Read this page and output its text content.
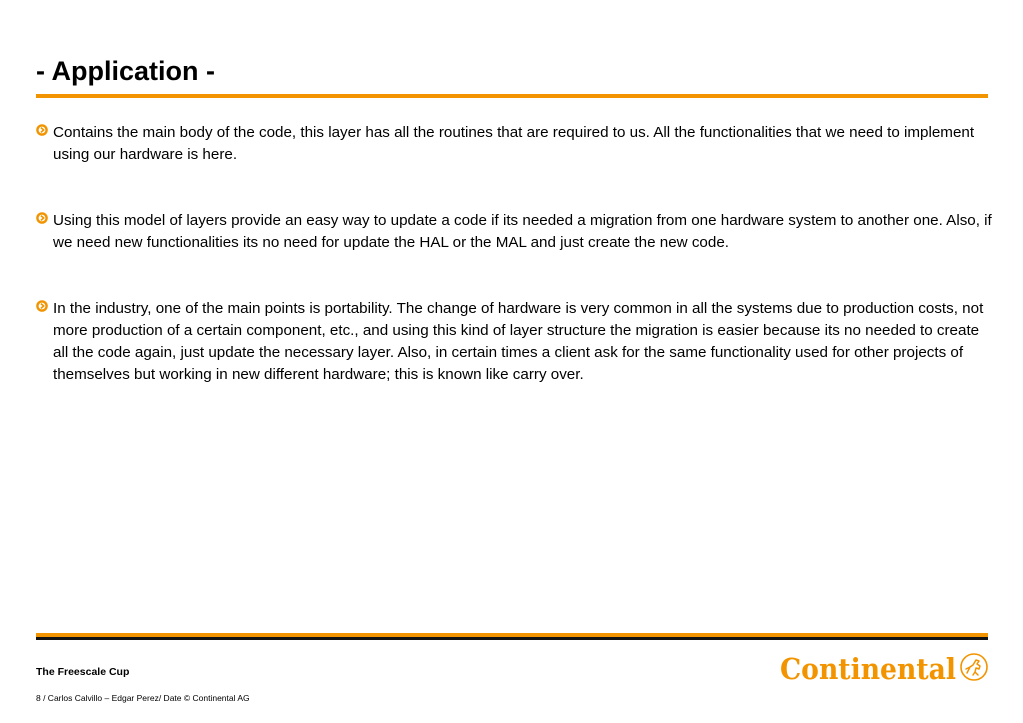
- Application -
Contains the main body of the code, this layer has all the routines that are required to us. All the functionalities that we need to implement using our hardware is here.
Using this model of layers provide an easy way to update a code if its needed a migration from one hardware system to another one. Also, if we need new functionalities its no need for update the HAL or the MAL and just create the new code.
In the industry, one of the main points is portability. The change of hardware is very common in all the systems due to production costs, not more production of a certain component, etc., and using this kind of layer structure the migration is easier because its no needed to create all the code again, just update the necessary layer. Also, in certain times a client ask for the same functionality used for other projects of themselves but working in new different hardware; this is known like carry over.
The Freescale Cup
8 / Carlos Calvillo – Edgar Perez/ Date © Continental AG
Continental
